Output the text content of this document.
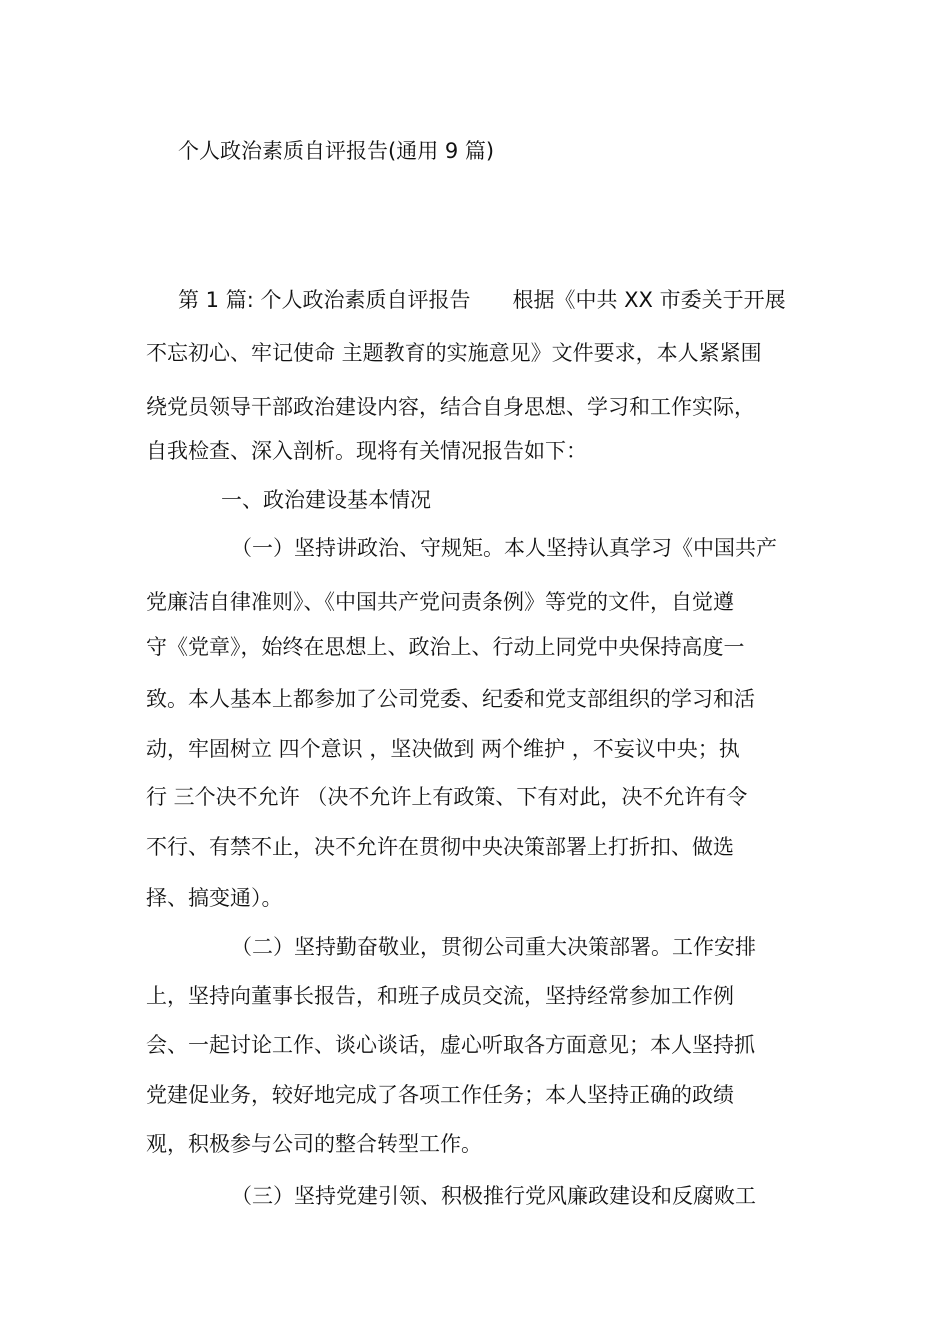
个人政治素质自评报告(通用 9 篇)
第 1 篇: 个人政治素质自评报告　　根据《中共 XX 市委关于开展
不忘初心、牢记使命 主题教育的实施意见》文件要求，本人紧紧围
绕党员领导干部政治建设内容，结合自身思想、学习和工作实际，
自我检查、深入剖析。现将有关情况报告如下：
一、政治建设基本情况
（一）坚持讲政治、守规矩。本人坚持认真学习《中国共产
党廉洁自律准则》、《中国共产党问责条例》等党的文件，自觉遵
守《党章》，始终在思想上、政治上、行动上同党中央保持高度一
致。本人基本上都参加了公司党委、纪委和党支部组织的学习和活
动，牢固树立 四个意识 ，坚决做到 两个维护 ，不妄议中央；执
行 三个决不允许 （决不允许上有政策、下有对此，决不允许有令
不行、有禁不止，决不允许在贯彻中央决策部署上打折扣、做选
择、搞变通）。
（二）坚持勤奋敬业，贯彻公司重大决策部署。工作安排
上，坚持向董事长报告，和班子成员交流，坚持经常参加工作例
会、一起讨论工作、谈心谈话，虚心听取各方面意见；本人坚持抓
党建促业务，较好地完成了各项工作任务；本人坚持正确的政绩
观，积极参与公司的整合转型工作。
（三）坚持党建引领、积极推行党风廉政建设和反腐败工
